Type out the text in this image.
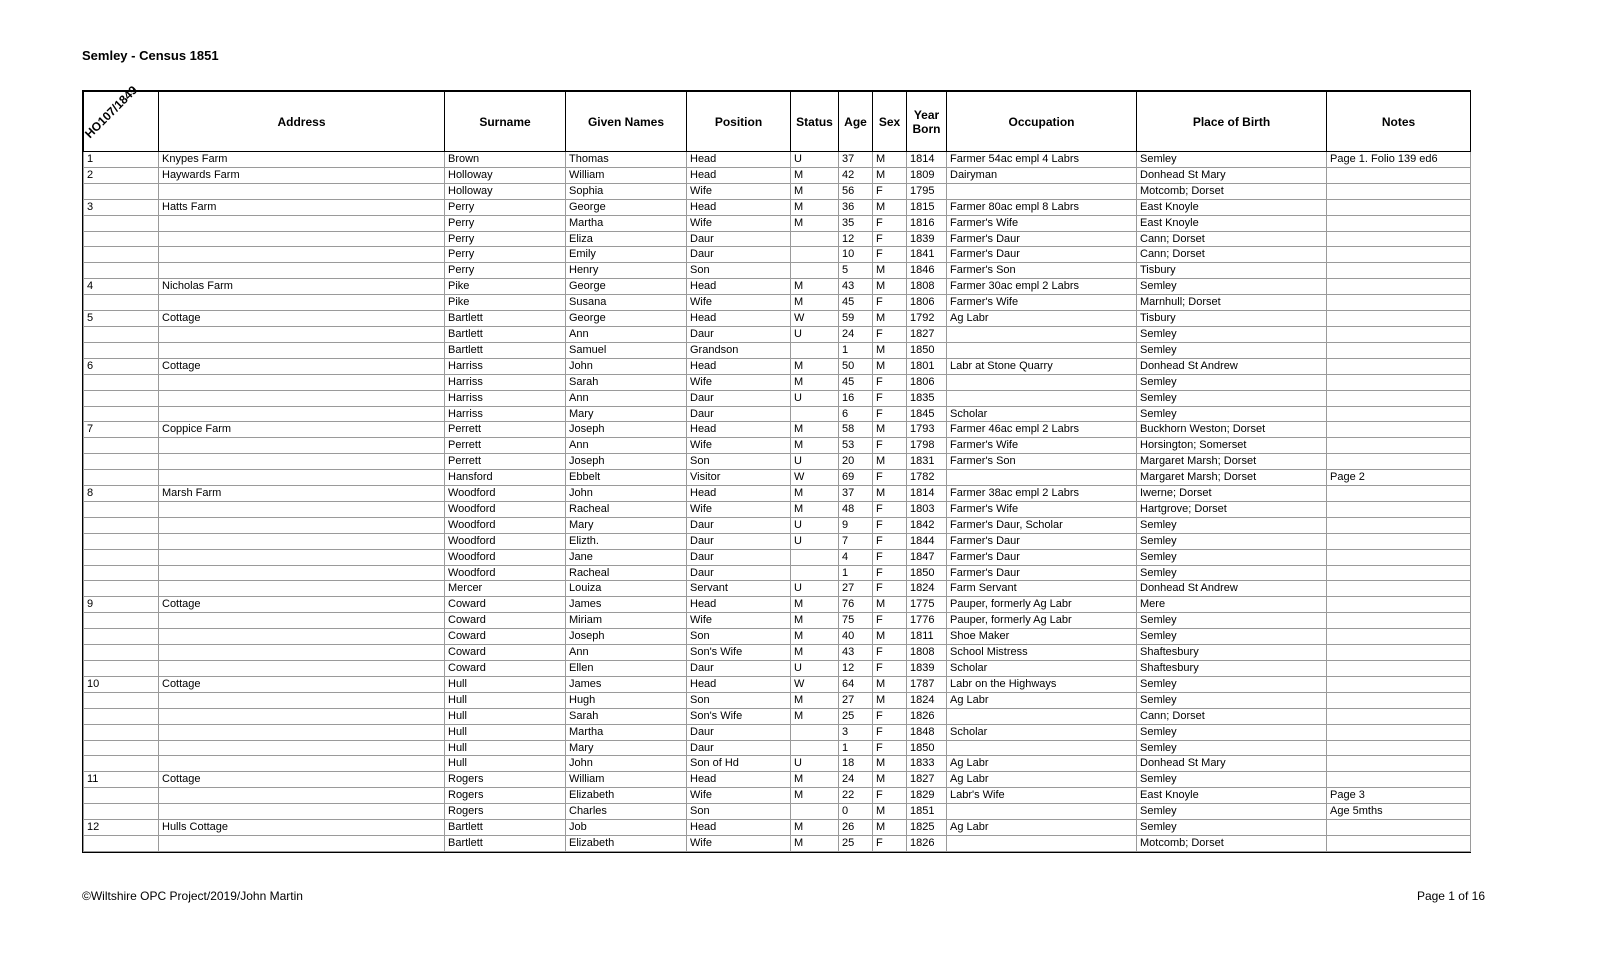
Semley - Census 1851
HO107/1849	Address	Surname	Given Names	Position	Status	Age	Sex	Year Born	Occupation	Place of Birth	Notes
1	Knypes Farm	Brown	Thomas	Head	U	37	M	1814	Farmer 54ac empl 4 Labrs	Semley	Page 1. Folio 139 ed6
2	Haywards Farm	Holloway	William	Head	M	42	M	1809	Dairyman	Donhead St Mary	
		Holloway	Sophia	Wife	M	56	F	1795		Motcomb; Dorset	
3	Hatts Farm	Perry	George	Head	M	36	M	1815	Farmer 80ac empl 8 Labrs	East Knoyle	
		Perry	Martha	Wife	M	35	F	1816	Farmer's Wife	East Knoyle	
		Perry	Eliza	Daur		12	F	1839	Farmer's Daur	Cann; Dorset	
		Perry	Emily	Daur		10	F	1841	Farmer's Daur	Cann; Dorset	
		Perry	Henry	Son		5	M	1846	Farmer's Son	Tisbury	
4	Nicholas Farm	Pike	George	Head	M	43	M	1808	Farmer 30ac empl 2 Labrs	Semley	
		Pike	Susana	Wife	M	45	F	1806	Farmer's Wife	Marnhull; Dorset	
5	Cottage	Bartlett	George	Head	W	59	M	1792	Ag Labr	Tisbury	
		Bartlett	Ann	Daur	U	24	F	1827		Semley	
		Bartlett	Samuel	Grandson		1	M	1850		Semley	
6	Cottage	Harriss	John	Head	M	50	M	1801	Labr at Stone Quarry	Donhead St Andrew	
		Harriss	Sarah	Wife	M	45	F	1806		Semley	
		Harriss	Ann	Daur	U	16	F	1835		Semley	
		Harriss	Mary	Daur		6	F	1845	Scholar	Semley	
7	Coppice Farm	Perrett	Joseph	Head	M	58	M	1793	Farmer 46ac empl 2 Labrs	Buckhorn Weston; Dorset	
		Perrett	Ann	Wife	M	53	F	1798	Farmer's Wife	Horsington; Somerset	
		Perrett	Joseph	Son	U	20	M	1831	Farmer's Son	Margaret Marsh; Dorset	
		Hansford	Ebbelt	Visitor	W	69	F	1782		Margaret Marsh; Dorset	Page 2
8	Marsh Farm	Woodford	John	Head	M	37	M	1814	Farmer 38ac empl 2 Labrs	Iwerne; Dorset	
		Woodford	Racheal	Wife	M	48	F	1803	Farmer's Wife	Hartgrove; Dorset	
		Woodford	Mary	Daur	U	9	F	1842	Farmer's Daur, Scholar	Semley	
		Woodford	Elizth.	Daur	U	7	F	1844	Farmer's Daur	Semley	
		Woodford	Jane	Daur		4	F	1847	Farmer's Daur	Semley	
		Woodford	Racheal	Daur		1	F	1850	Farmer's Daur	Semley	
		Mercer	Louiza	Servant	U	27	F	1824	Farm Servant	Donhead St Andrew	
9	Cottage	Coward	James	Head	M	76	M	1775	Pauper, formerly Ag Labr	Mere	
		Coward	Miriam	Wife	M	75	F	1776	Pauper, formerly Ag Labr	Semley	
		Coward	Joseph	Son	M	40	M	1811	Shoe Maker	Semley	
		Coward	Ann	Son's Wife	M	43	F	1808	School Mistress	Shaftesbury	
		Coward	Ellen	Daur	U	12	F	1839	Scholar	Shaftesbury	
10	Cottage	Hull	James	Head	W	64	M	1787	Labr on the Highways	Semley	
		Hull	Hugh	Son	M	27	M	1824	Ag Labr	Semley	
		Hull	Sarah	Son's Wife	M	25	F	1826		Cann; Dorset	
		Hull	Martha	Daur		3	F	1848	Scholar	Semley	
		Hull	Mary	Daur		1	F	1850		Semley	
		Hull	John	Son of Hd	U	18	M	1833	Ag Labr	Donhead St Mary	
11	Cottage	Rogers	William	Head	M	24	M	1827	Ag Labr	Semley	
		Rogers	Elizabeth	Wife	M	22	F	1829	Labr's Wife	East Knoyle	Page 3
		Rogers	Charles	Son		0	M	1851		Semley	Age 5mths
12	Hulls Cottage	Bartlett	Job	Head	M	26	M	1825	Ag Labr	Semley	
		Bartlett	Elizabeth	Wife	M	25	F	1826		Motcomb; Dorset	
©Wiltshire OPC Project/2019/John Martin	Page 1 of 16
